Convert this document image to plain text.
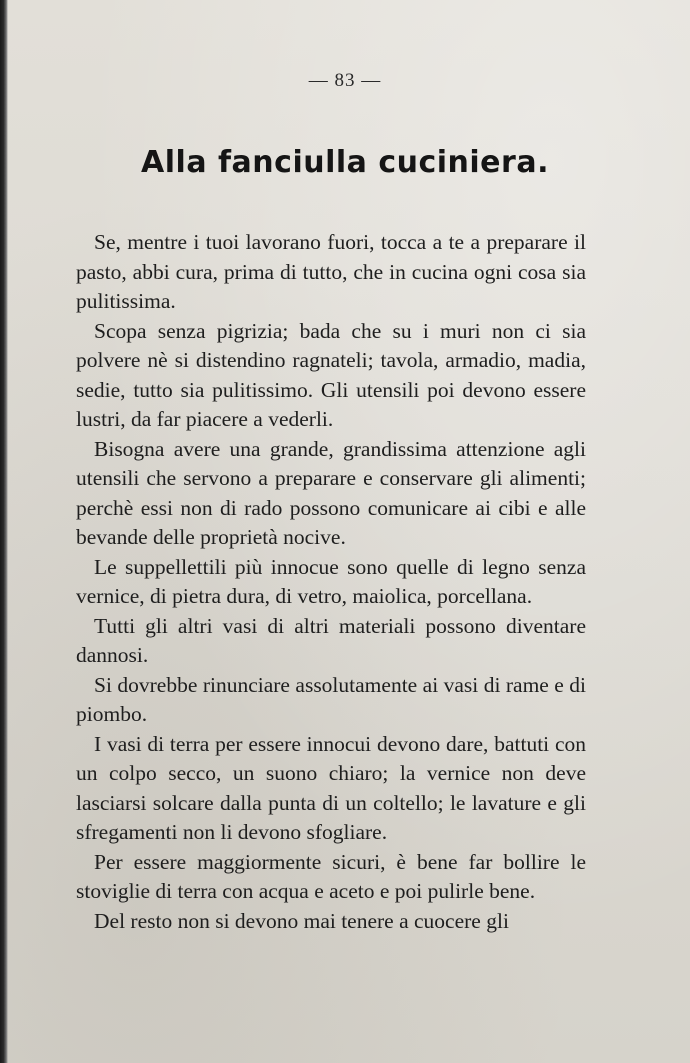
— 83 —
Alla fanciulla cuciniera.

Se, mentre i tuoi lavorano fuori, tocca a te a preparare il pasto, abbi cura, prima di tutto, che in cucina ogni cosa sia pulitissima.

Scopa senza pigrizia; bada che su i muri non ci sia polvere nè si distendino ragnateli; tavola, armadio, madia, sedie, tutto sia pulitissimo. Gli utensili poi devono essere lustri, da far piacere a vederli.

Bisogna avere una grande, grandissima attenzione agli utensili che servono a preparare e conservare gli alimenti; perchè essi non di rado possono comunicare ai cibi e alle bevande delle proprietà nocive.

Le suppellettili più innocue sono quelle di legno senza vernice, di pietra dura, di vetro, maiolica, porcellana.

Tutti gli altri vasi di altri materiali possono diventare dannosi.

Si dovrebbe rinunciare assolutamente ai vasi di rame e di piombo.

I vasi di terra per essere innocui devono dare, battuti con un colpo secco, un suono chiaro; la vernice non deve lasciarsi solcare dalla punta di un coltello; le lavature e gli sfregamenti non li devono sfogliare.

Per essere maggiormente sicuri, è bene far bollire le stoviglie di terra con acqua e aceto e poi pulirle bene.

Del resto non si devono mai tenere a cuocere gli
